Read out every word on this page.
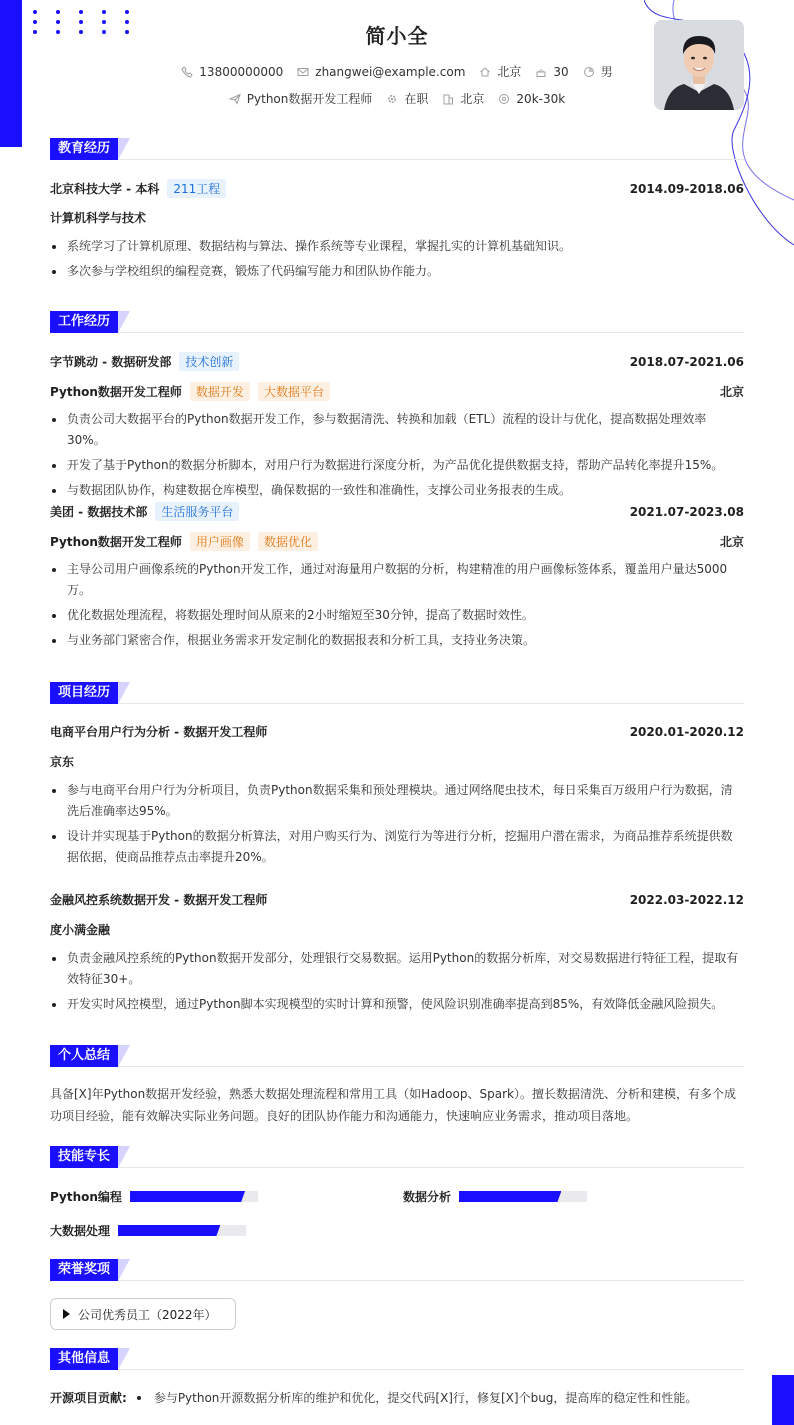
简小全
13800000000	zhangwei@example.com	北京	30	男
Python数据开发工程师	在职	北京	20k-30k
教育经历
北京科技大学 - 本科	211工程	2014.09-2018.06
计算机科学与技术
系统学习了计算机原理、数据结构与算法、操作系统等专业课程，掌握扎实的计算机基础知识。
多次参与学校组织的编程竞赛，锻炼了代码编写能力和团队协作能力。
工作经历
字节跳动 - 数据研发部	技术创新	2018.07-2021.06
Python数据开发工程师	数据开发	大数据平台	北京
负责公司大数据平台的Python数据开发工作，参与数据清洗、转换和加载（ETL）流程的设计与优化，提高数据处理效率30%。
开发了基于Python的数据分析脚本，对用户行为数据进行深度分析，为产品优化提供数据支持，帮助产品转化率提升15%。
与数据团队协作，构建数据仓库模型，确保数据的一致性和准确性，支撑公司业务报表的生成。
美团 - 数据技术部	生活服务平台	2021.07-2023.08
Python数据开发工程师	用户画像	数据优化	北京
主导公司用户画像系统的Python开发工作，通过对海量用户数据的分析，构建精准的用户画像标签体系，覆盖用户量达5000万。
优化数据处理流程，将数据处理时间从原来的2小时缩短至30分钟，提高了数据时效性。
与业务部门紧密合作，根据业务需求开发定制化的数据报表和分析工具，支持业务决策。
项目经历
电商平台用户行为分析 - 数据开发工程师	2020.01-2020.12
京东
参与电商平台用户行为分析项目，负责Python数据采集和预处理模块。通过网络爬虫技术，每日采集百万级用户行为数据，清洗后准确率达95%。
设计并实现基于Python的数据分析算法，对用户购买行为、浏览行为等进行分析，挖掘用户潜在需求，为商品推荐系统提供数据依据，使商品推荐点击率提升20%。
金融风控系统数据开发 - 数据开发工程师	2022.03-2022.12
度小满金融
负责金融风控系统的Python数据开发部分，处理银行交易数据。运用Python的数据分析库，对交易数据进行特征工程，提取有效特征30+。
开发实时风控模型，通过Python脚本实现模型的实时计算和预警，使风险识别准确率提高到85%，有效降低金融风险损失。
个人总结
具备[X]年Python数据开发经验，熟悉大数据处理流程和常用工具（如Hadoop、Spark）。擅长数据清洗、分析和建模，有多个成功项目经验，能有效解决实际业务问题。良好的团队协作能力和沟通能力，快速响应业务需求，推动项目落地。
技能专长
Python编程	数据分析
大数据处理
荣誉奖项
公司优秀员工（2022年）
其他信息
开源项目贡献: 参与Python开源数据分析库的维护和优化，提交代码[X]行，修复[X]个bug，提高库的稳定性和性能。
